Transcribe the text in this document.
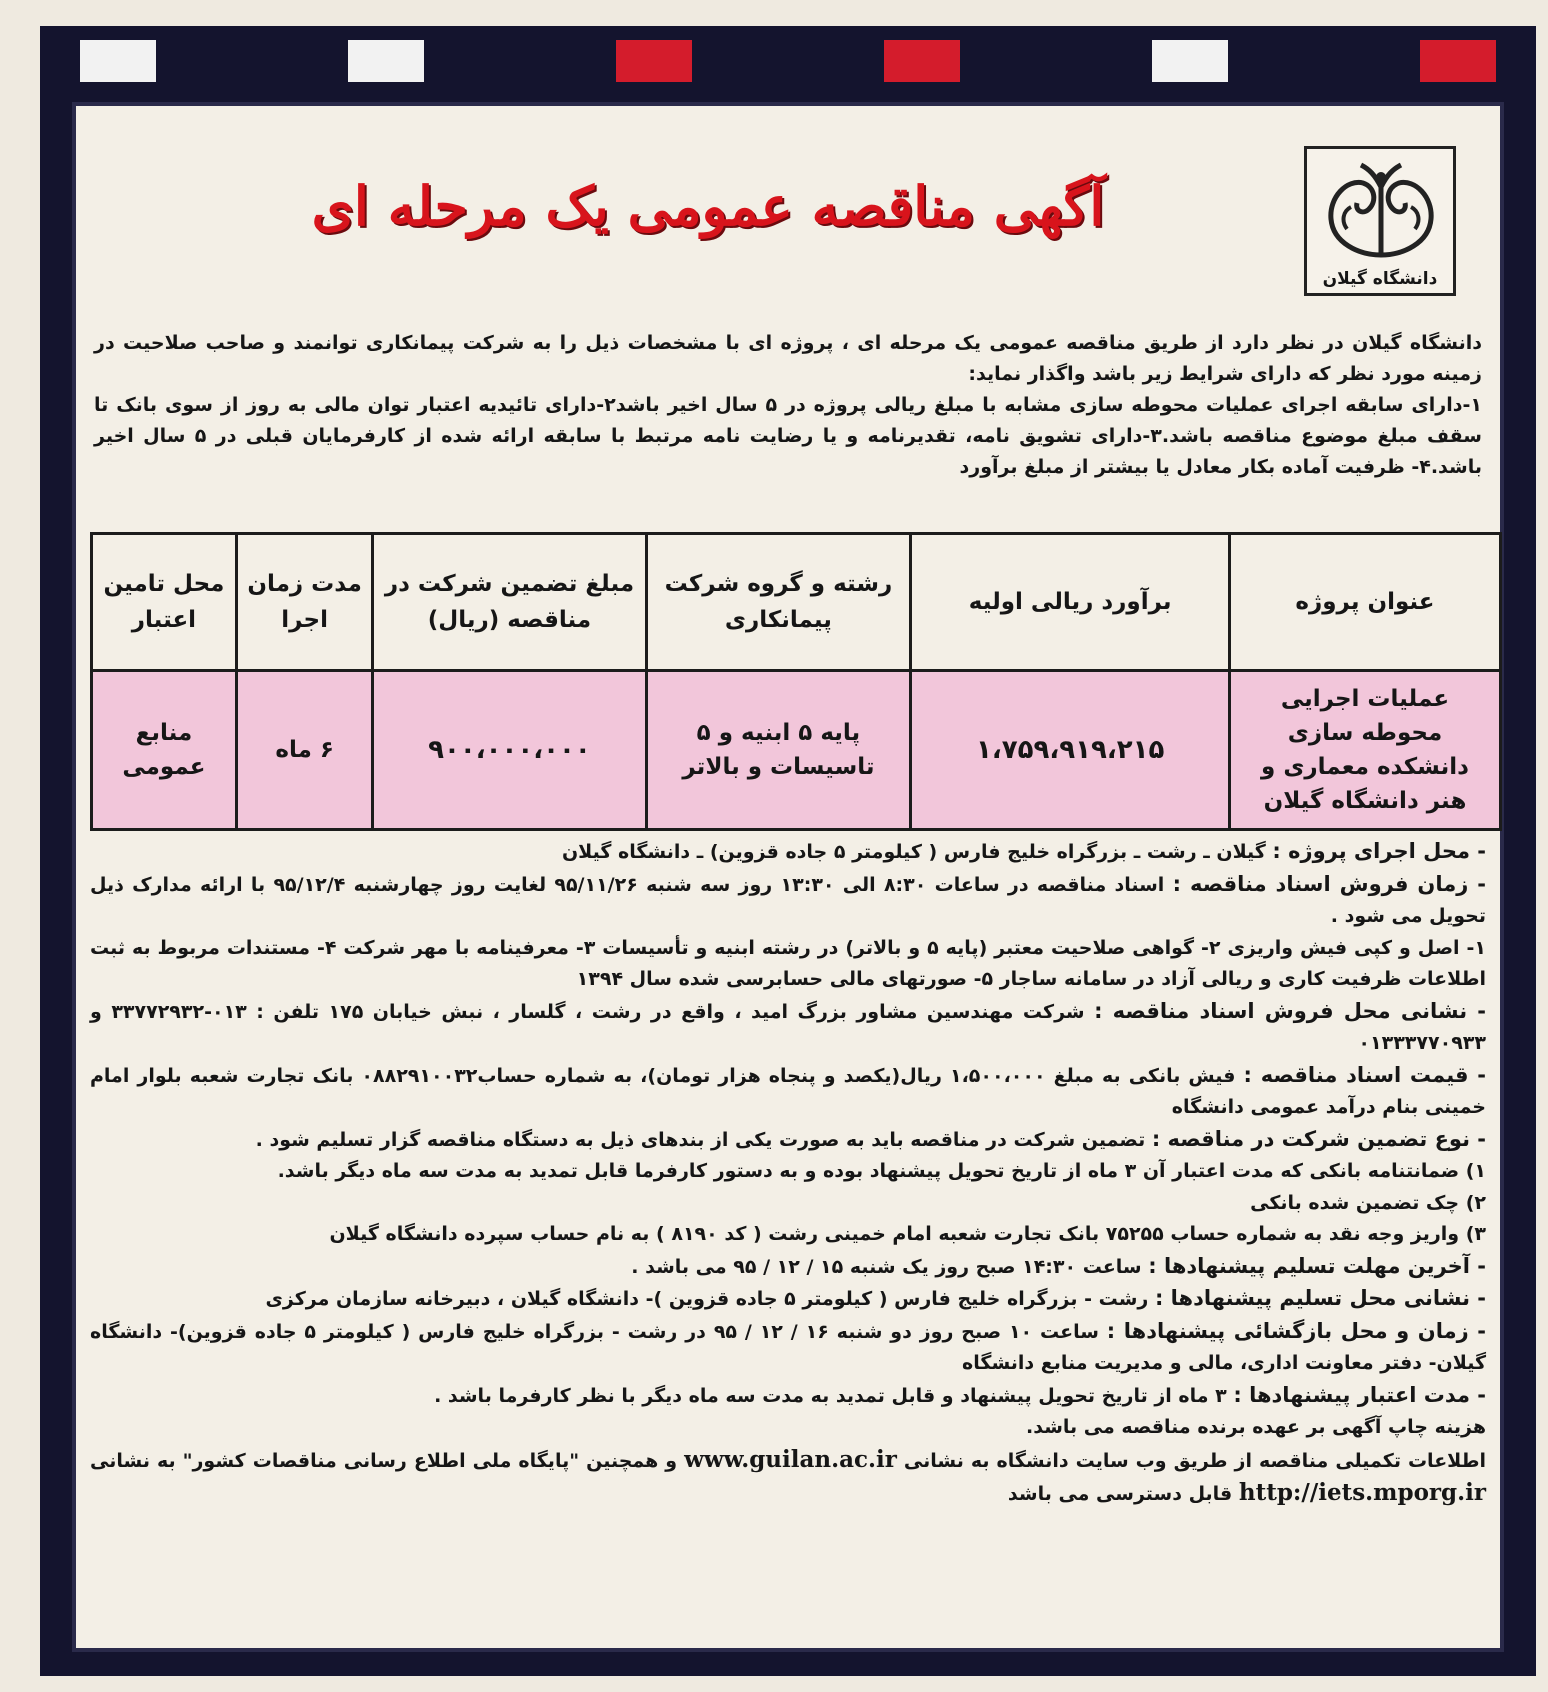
دانشگاه گیلان
آگهی مناقصه عمومی یک مرحله ای

دانشگاه گیلان در نظر دارد از طریق مناقصه عمومی یک مرحله ای ، پروژه ای با مشخصات ذیل را به شرکت پیمانکاری توانمند و صاحب صلاحیت در زمینه مورد نظر که دارای شرایط زیر باشد واگذار نماید:

۱-دارای سابقه اجرای عملیات محوطه سازی مشابه با مبلغ ریالی پروژه در ۵ سال اخیر باشد۲-دارای تائیدیه اعتبار توان مالی به روز از سوی بانک تا سقف مبلغ موضوع مناقصه باشد.۳-دارای تشویق نامه، تقدیرنامه و یا رضایت نامه مرتبط با سابقه ارائه شده از کارفرمایان قبلی در ۵ سال اخیر باشد.۴- ظرفیت آماده بکار معادل یا بیشتر از مبلغ برآورد

عنوان پروژه	برآورد ریالی اولیه	رشته و گروه شرکت پیمانکاری	مبلغ تضمین شرکت در مناقصه (ریال)	مدت زمان اجرا	محل تامین اعتبار
عملیات اجرایی محوطه سازی دانشکده معماری و هنر دانشگاه گیلان	۱،۷۵۹،۹۱۹،۲۱۵	پایه ۵ ابنیه و ۵ تاسیسات و بالاتر	۹۰۰،۰۰۰،۰۰۰	۶ ماه	منابع عمومی

- محل اجرای پروژه : گیلان ـ رشت ـ بزرگراه خلیج فارس ( کیلومتر ۵ جاده قزوین) ـ دانشگاه گیلان

- زمان فروش اسناد مناقصه : اسناد مناقصه در ساعات ۸:۳۰ الی ۱۳:۳۰ روز سه شنبه ۹۵/۱۱/۲۶ لغایت روز چهارشنبه ۹۵/۱۲/۴ با ارائه مدارک ذیل تحویل می شود .

۱- اصل و کپی فیش واریزی ۲- گواهی صلاحیت معتبر (پایه ۵ و بالاتر) در رشته ابنیه و تأسیسات ۳- معرفینامه با مهر شرکت ۴- مستندات مربوط به ثبت اطلاعات ظرفیت کاری و ریالی آزاد در سامانه ساجار ۵- صورتهای مالی حسابرسی شده سال ۱۳۹۴

- نشانی محل فروش اسناد مناقصه : شرکت مهندسین مشاور بزرگ امید ، واقع در رشت ، گلسار ، نبش خیابان ۱۷۵ تلفن : ۰۱۳-۳۳۷۷۲۹۳۲ و ۰۱۳۳۳۷۷۰۹۳۳

- قیمت اسناد مناقصه : فیش بانکی به مبلغ ۱،۵۰۰،۰۰۰ ریال(یکصد و پنجاه هزار تومان)، به شماره حساب۰۸۸۲۹۱۰۰۳۲ بانک تجارت شعبه بلوار امام خمینی بنام درآمد عمومی دانشگاه

- نوع تضمین شرکت در مناقصه : تضمین شرکت در مناقصه باید به صورت یکی از بندهای ذیل به دستگاه مناقصه گزار تسلیم شود .

۱) ضمانتنامه بانکی که مدت اعتبار آن ۳ ماه از تاریخ تحویل پیشنهاد بوده و به دستور کارفرما قابل تمدید به مدت سه ماه دیگر باشد.

۲) چک تضمین شده بانکی

۳) واریز وجه نقد به شماره حساب ۷۵۲۵۵ بانک تجارت شعبه امام خمینی رشت ( کد ۸۱۹۰ ) به نام حساب سپرده دانشگاه گیلان

- آخرین مهلت تسلیم پیشنهادها : ساعت ۱۴:۳۰ صبح روز یک شنبه ۱۵ / ۱۲ / ۹۵ می باشد .

- نشانی محل تسلیم پیشنهادها : رشت - بزرگراه خلیج فارس ( کیلومتر ۵ جاده قزوین )- دانشگاه گیلان ، دبیرخانه سازمان مرکزی

- زمان و محل بازگشائی پیشنهادها : ساعت ۱۰ صبح روز دو شنبه ۱۶ / ۱۲ / ۹۵ در رشت - بزرگراه خلیج فارس ( کیلومتر ۵ جاده قزوین)- دانشگاه گیلان- دفتر معاونت اداری، مالی و مدیریت منابع دانشگاه

- مدت اعتبار پیشنهادها : ۳ ماه از تاریخ تحویل پیشنهاد و قابل تمدید به مدت سه ماه دیگر با نظر کارفرما باشد .

هزینه چاپ آگهی بر عهده برنده مناقصه می باشد.

اطلاعات تکمیلی مناقصه از طریق وب سایت دانشگاه به نشانی www.guilan.ac.ir و همچنین "پایگاه ملی اطلاع رسانی مناقصات کشور" به نشانی http://iets.mporg.ir قابل دسترسی می باشد
